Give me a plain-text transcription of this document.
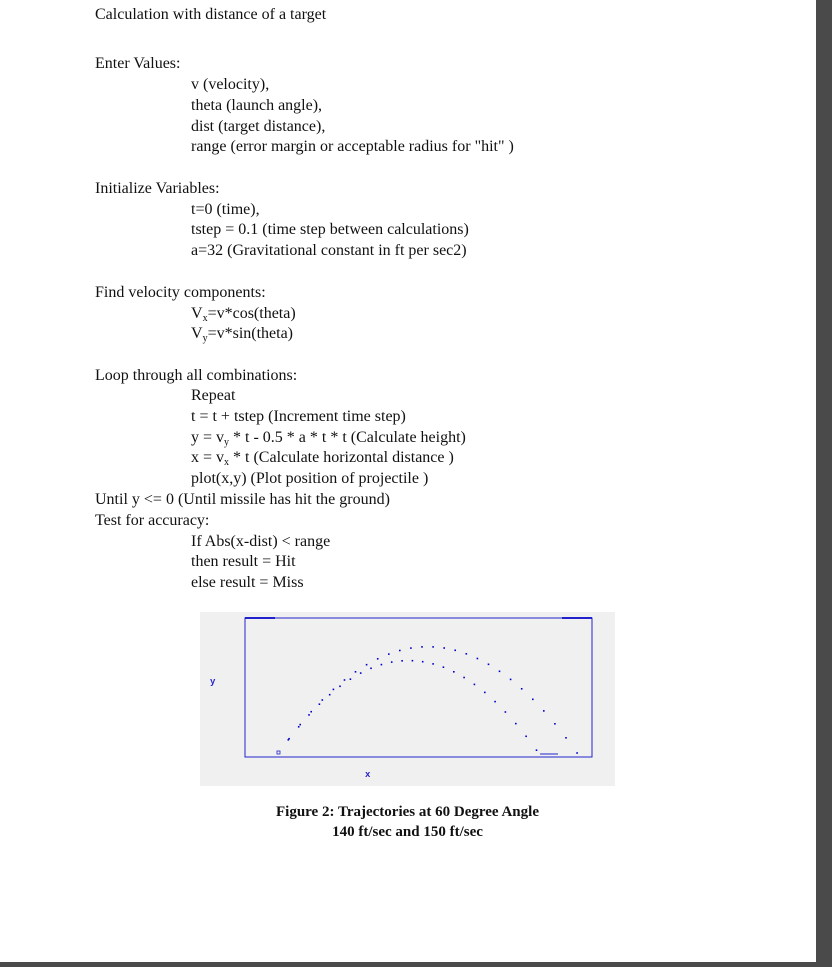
Calculation with distance of a target
Enter Values:
v (velocity),
theta (launch angle),
dist (target distance),
range (error margin or acceptable radius for "hit" )
Initialize Variables:
t=0 (time),
tstep = 0.1 (time step between calculations)
a=32 (Gravitational constant in ft per sec2)
Find velocity components:
$V_x=v*\cos(theta)$
$V_y=v*\sin(theta)$
Loop through all combinations:
Repeat
t = t + tstep (Increment time step)
$y = v_y * t - 0.5 * a * t * t$ (Calculate height)
$x = v_x * t$ (Calculate horizontal distance )
plot(x,y) (Plot position of projectile )
Until y <= 0 (Until missile has hit the ground)
Test for accuracy:
If Abs(x-dist) < range
then result = Hit
else result = Miss
y
x
Figure 2: Trajectories at 60 Degree Angle
140 ft/sec and 150 ft/sec
